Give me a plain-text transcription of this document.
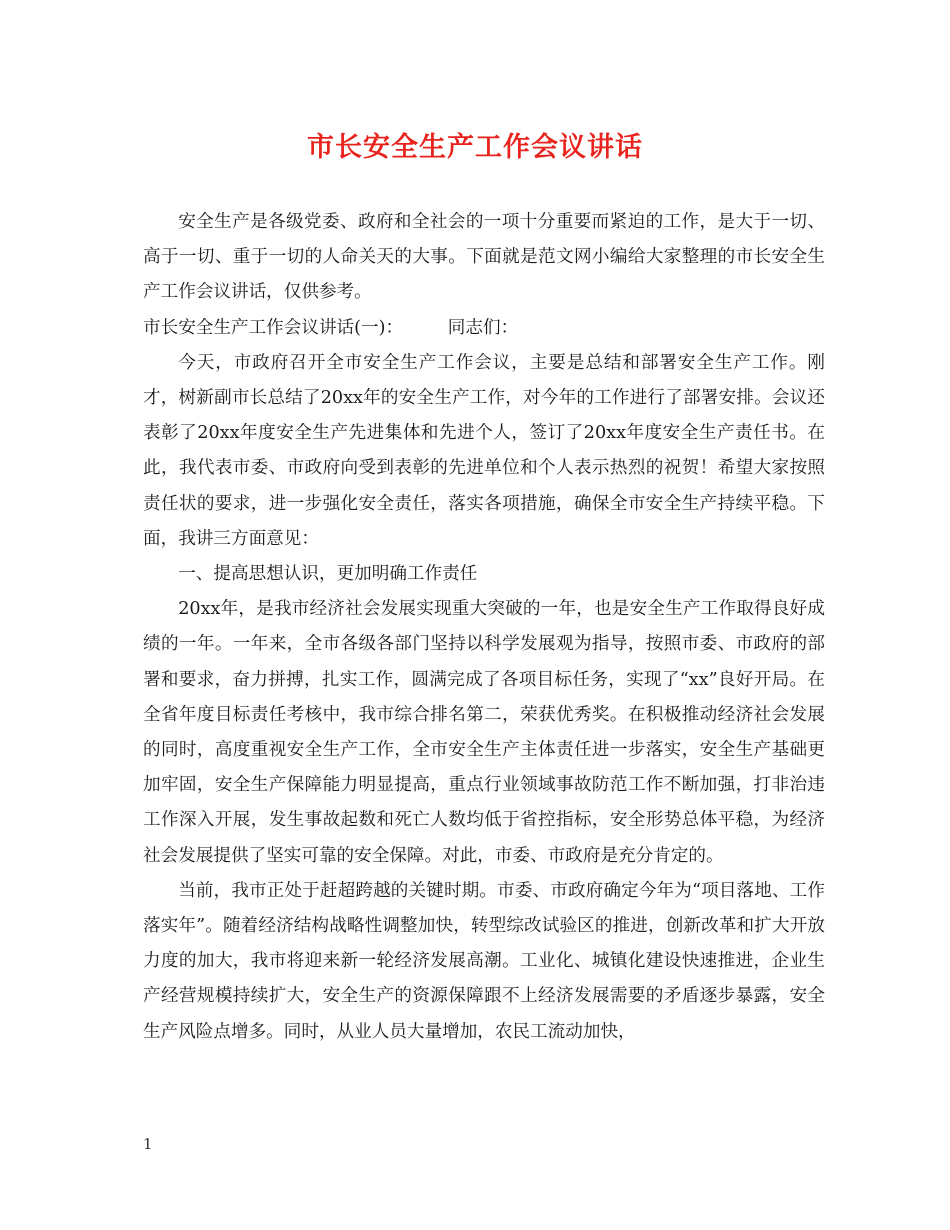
市长安全生产工作会议讲话

安全生产是各级党委、政府和全社会的一项十分重要而紧迫的工作，是大于一切、高于一切、重于一切的人命关天的大事。下面就是范文网小编给大家整理的市长安全生产工作会议讲话，仅供参考。

市长安全生产工作会议讲话(一)：        同志们：

今天，市政府召开全市安全生产工作会议，主要是总结和部署安全生产工作。刚才，树新副市长总结了20xx年的安全生产工作，对今年的工作进行了部署安排。会议还表彰了20xx年度安全生产先进集体和先进个人，签订了20xx年度安全生产责任书。在此，我代表市委、市政府向受到表彰的先进单位和个人表示热烈的祝贺！希望大家按照责任状的要求，进一步强化安全责任，落实各项措施，确保全市安全生产持续平稳。下面，我讲三方面意见：

一、提高思想认识，更加明确工作责任

20xx年，是我市经济社会发展实现重大突破的一年，也是安全生产工作取得良好成绩的一年。一年来，全市各级各部门坚持以科学发展观为指导，按照市委、市政府的部署和要求，奋力拼搏，扎实工作，圆满完成了各项目标任务，实现了“xx”良好开局。在全省年度目标责任考核中，我市综合排名第二，荣获优秀奖。在积极推动经济社会发展的同时，高度重视安全生产工作，全市安全生产主体责任进一步落实，安全生产基础更加牢固，安全生产保障能力明显提高，重点行业领域事故防范工作不断加强，打非治违工作深入开展，发生事故起数和死亡人数均低于省控指标，安全形势总体平稳，为经济社会发展提供了坚实可靠的安全保障。对此，市委、市政府是充分肯定的。

当前，我市正处于赶超跨越的关键时期。市委、市政府确定今年为“项目落地、工作落实年”。随着经济结构战略性调整加快，转型综改试验区的推进，创新改革和扩大开放力度的加大，我市将迎来新一轮经济发展高潮。工业化、城镇化建设快速推进，企业生产经营规模持续扩大，安全生产的资源保障跟不上经济发展需要的矛盾逐步暴露，安全生产风险点增多。同时，从业人员大量增加，农民工流动加快，

1
